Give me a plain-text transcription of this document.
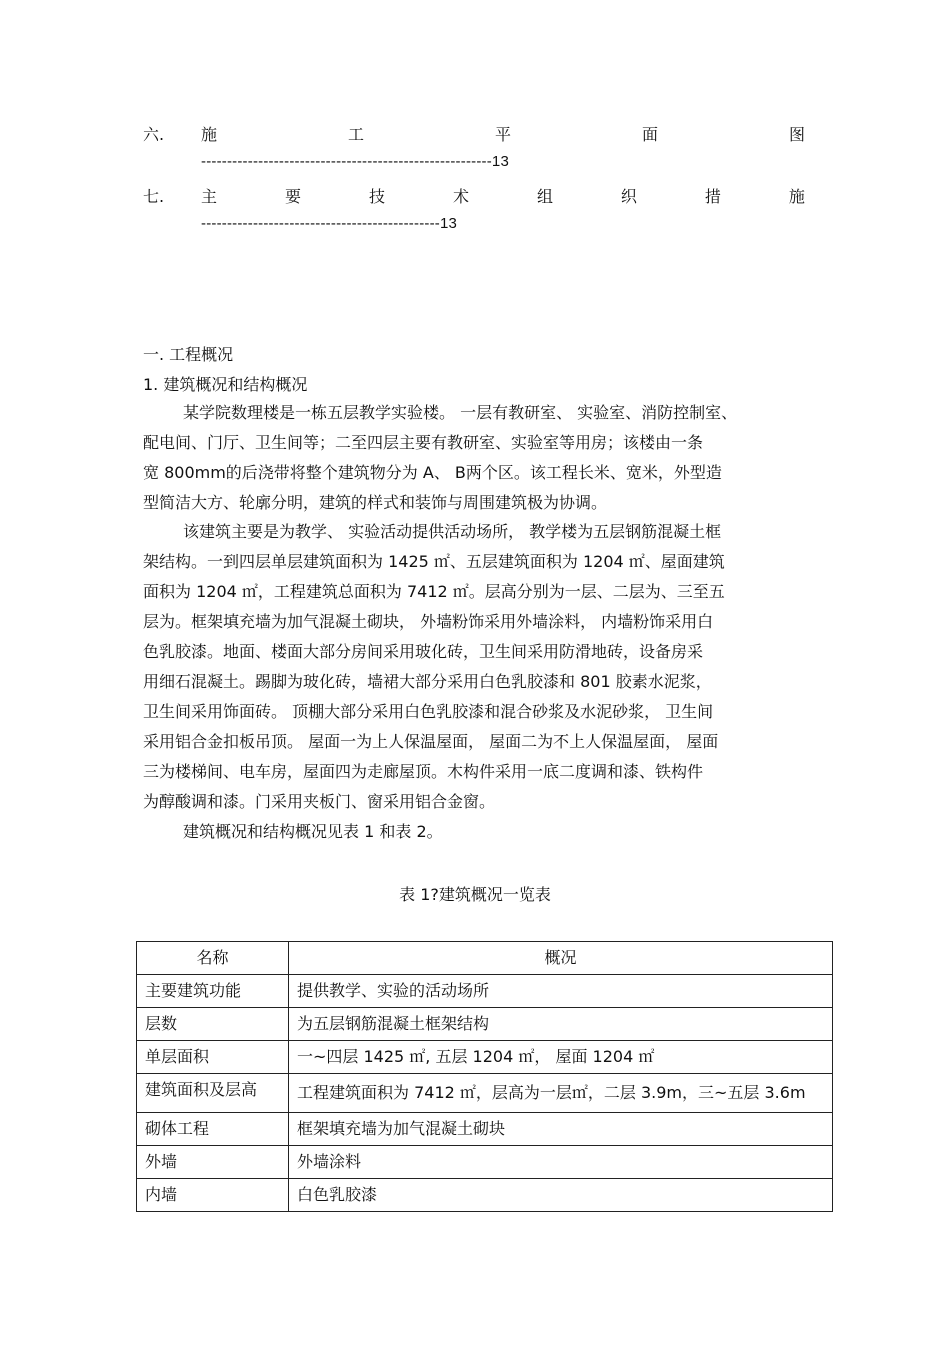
六. 施	工	平	面	图
--------------------------------------------------------13
七. 主	要	技	术	组	织	措	施
----------------------------------------------13
一. 工程概况
1. 建筑概况和结构概况
某学院数理楼是一栋五层教学实验楼。 一层有教研室、 实验室、消防控制室、
配电间、门厅、卫生间等；二至四层主要有教研室、实验室等用房；该楼由一条
宽 800mm的后浇带将整个建筑物分为 A、 B两个区。该工程长米、宽米，外型造
型简洁大方、轮廓分明，建筑的样式和装饰与周围建筑极为协调。
该建筑主要是为教学、 实验活动提供活动场所， 教学楼为五层钢筋混凝土框
架结构。一到四层单层建筑面积为 1425 ㎡、五层建筑面积为 1204 ㎡、屋面建筑
面积为 1204 ㎡，工程建筑总面积为 7412 ㎡。层高分别为一层、二层为、三至五
层为。框架填充墙为加气混凝土砌块， 外墙粉饰采用外墙涂料， 内墙粉饰采用白
色乳胶漆。地面、楼面大部分房间采用玻化砖，卫生间采用防滑地砖，设备房采
用细石混凝土。踢脚为玻化砖，墙裙大部分采用白色乳胶漆和 801 胶素水泥浆，
卫生间采用饰面砖。 顶棚大部分采用白色乳胶漆和混合砂浆及水泥砂浆， 卫生间
采用铝合金扣板吊顶。 屋面一为上人保温屋面， 屋面二为不上人保温屋面， 屋面
三为楼梯间、电车房，屋面四为走廊屋顶。木构件采用一底二度调和漆、铁构件
为醇酸调和漆。门采用夹板门、窗采用铝合金窗。
建筑概况和结构概况见表 1 和表 2。
表 1?建筑概况一览表
名称	概况
主要建筑功能	提供教学、实验的活动场所
层数	为五层钢筋混凝土框架结构
单层面积	一~四层 1425 ㎡, 五层 1204 ㎡， 屋面 1204 ㎡
建筑面积及层高	工程建筑面积为 7412 ㎡，层高为一层㎡，二层 3.9m，三~五层 3.6m
砌体工程	框架填充墙为加气混凝土砌块
外墙	外墙涂料
内墙	白色乳胶漆
